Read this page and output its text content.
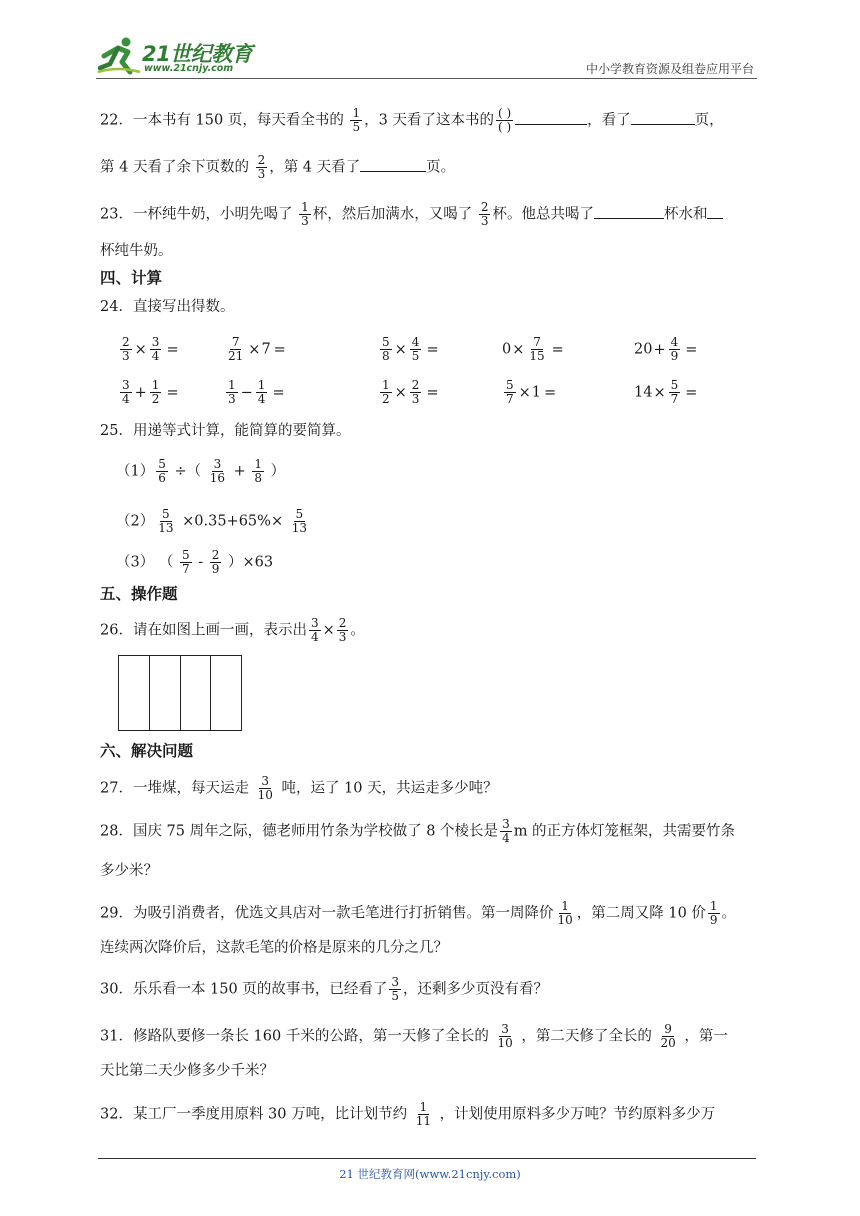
21世纪教育
www.21cnjy.com	中小学教育资源及组卷应用平台
22．一本书有 150 页，每天看全书的 $\frac{1}{5}$ ，3 天看了这本书的 $\frac{( )}{( )}$	，看了	页，
第 4 天看了余下页数的 $\frac{2}{3}$ ，第 4 天看了	页。
23．一杯纯牛奶，小明先喝了 $\frac{1}{3}$ 杯，然后加满水，又喝了 $\frac{2}{3}$ 杯。他总共喝了	杯水和
杯纯牛奶。
四、计算
24．直接写出得数。
$\frac{2}{3} \times \frac{3}{4}$ =	$\frac{7}{21} \times 7$ =	$\frac{5}{8} \times \frac{4}{5}$ =	$0\times \frac{7}{15}$ =	$20+ \frac{4}{9}$ =
$\frac{3}{4} + \frac{1}{2}$ =	$\frac{1}{3} - \frac{1}{4}$ =	$\frac{1}{2} \times \frac{2}{3}$ =	$\frac{5}{7} \times 1$ =	$14\times \frac{5}{7}$ =
25．用递等式计算，能简算的要简算。
$(1) \frac{5}{6}$ ÷（ $\frac{3}{16} + \frac{1}{8}$ ）
$(2) \frac{5}{13} \times 0.35+65\%\times \frac{5}{13}$
（3） （ $\frac{5}{7} - \frac{2}{9} )\times 63$
五、操作题
26．请在如图上画一画，表示出 $\frac{3}{4} \times \frac{2}{3}$ 。
六、解决问题
27．一堆煤，每天运走 $\frac{3}{10}$ 吨，运了 10 天，共运走多少吨？
28．国庆 75 周年之际，德老师用竹条为学校做了 8 个棱长是 $\frac{3}{4}$ m 的正方体灯笼框架，共需要竹条
多少米？
29．为吸引消费者，优选文具店对一款毛笔进行打折销售。第一周降价 $\frac{1}{10}$ ，第二周又降 10 价 $\frac{1}{9}$ 。
连续两次降价后，这款毛笔的价格是原来的几分之几？
30．乐乐看一本 150 页的故事书，已经看了 $\frac{3}{5}$ ，还剩多少页没有看？
31．修路队要修一条长 160 千米的公路，第一天修了全长的 $\frac{3}{10}$ ，第二天修了全长的 $\frac{9}{20}$ ，第一
天比第二天少修多少千米？
32．某工厂一季度用原料 30 万吨，比计划节约 $\frac{1}{11}$ ，计划使用原料多少万吨？节约原料多少万
21 世纪教育网(www.21cnjy.com)
